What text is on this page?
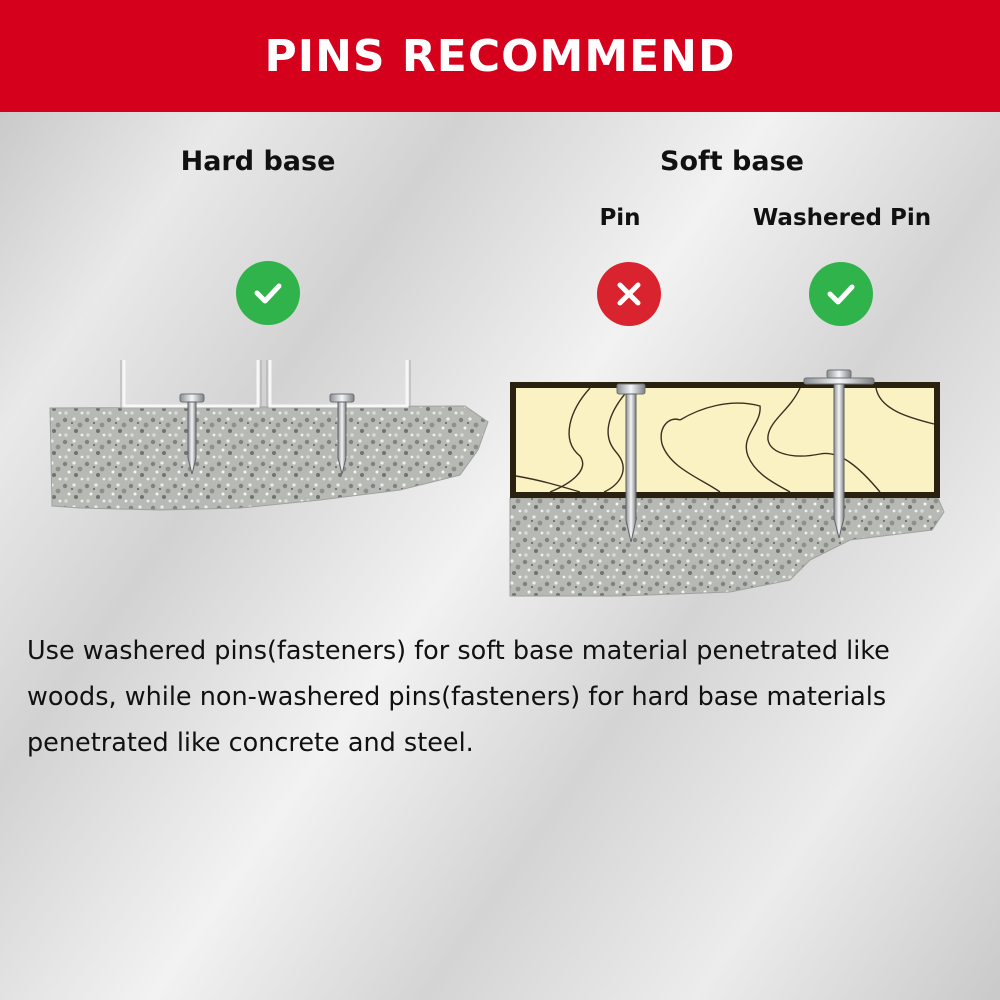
PINS RECOMMEND
Hard base	Soft base
Pin	Washered Pin
Use washered pins(fasteners) for soft base material penetrated like
woods, while non-washered pins(fasteners) for hard base materials
penetrated like concrete and steel.
